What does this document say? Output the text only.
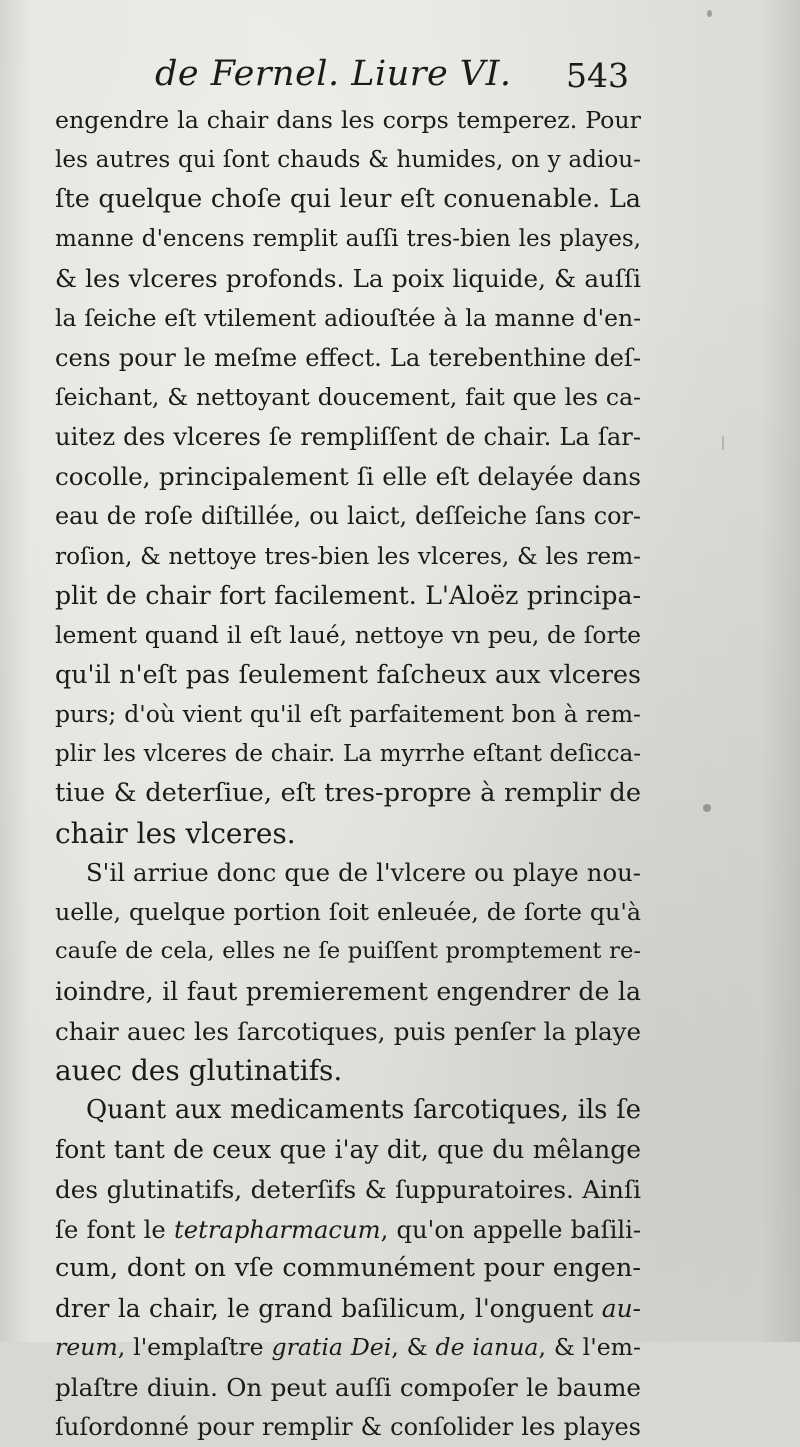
de Fernel. Liure VI. 543
engendre la chair dans les corps temperez. Pour
les autres qui ſont chauds & humides, on y adiou-
ſte quelque choſe qui leur eſt conuenable. La
manne d'encens remplit auſſi tres-bien les playes,
& les vlceres profonds. La poix liquide, & auſſi
la ſeiche eſt vtilement adiouſtée à la manne d'en-
cens pour le meſme effect. La terebenthine deſ-
ſeichant, & nettoyant doucement, fait que les ca-
uitez des vlceres ſe rempliſſent de chair. La ſar-
cocolle, principalement ſi elle eſt delayée dans
eau de roſe diſtillée, ou laict, deſſeiche ſans cor-
roſion, & nettoye tres-bien les vlceres, & les rem-
plit de chair fort facilement. L'Aloëz principa-
lement quand il eſt laué, nettoye vn peu, de ſorte
qu'il n'eſt pas ſeulement faſcheux aux vlceres
purs; d'où vient qu'il eſt parfaitement bon à rem-
plir les vlceres de chair. La myrrhe eſtant deſicca-
tiue & deterſiue, eſt tres-propre à remplir de
chair les vlceres.
S'il arriue donc que de l'vlcere ou playe nou-
uelle, quelque portion ſoit enleuée, de ſorte qu'à
cauſe de cela, elles ne ſe puiſſent promptement re-
ioindre, il faut premierement engendrer de la
chair auec les ſarcotiques, puis penſer la playe
auec des glutinatifs.
Quant aux medicaments ſarcotiques, ils ſe
font tant de ceux que i'ay dit, que du mêlange
des glutinatifs, deterſifs & ſuppuratoires. Ainſi
ſe font le tetrapharmacum, qu'on appelle baſili-
cum, dont on vſe communément pour engen-
drer la chair, le grand baſilicum, l'onguent au-
reum, l'emplaſtre gratia Dei, & de ianua, & l'em-
plaſtre diuin. On peut auſſi compoſer le baume
ſuſordonné pour remplir & conſolider les playes
